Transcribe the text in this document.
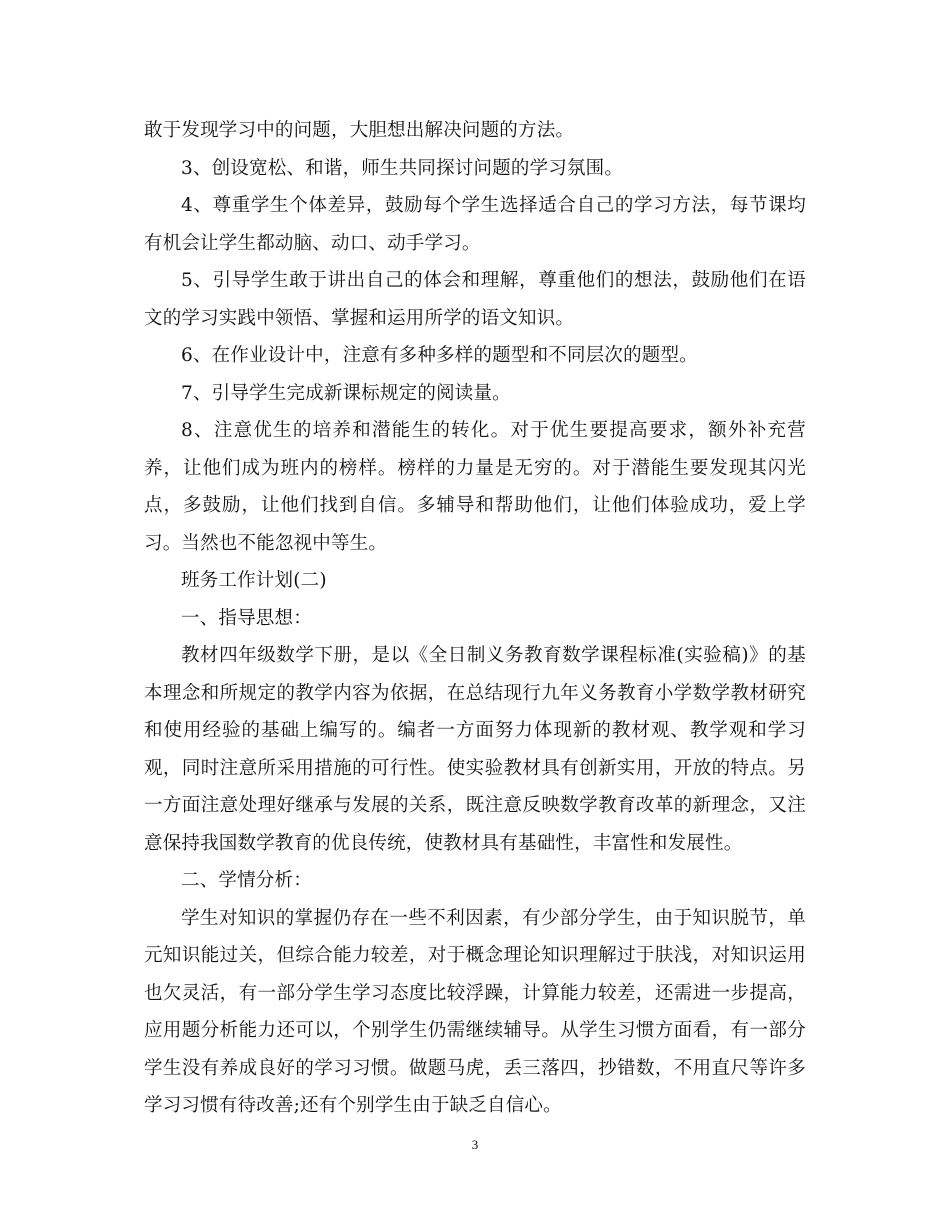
敢于发现学习中的问题，大胆想出解决问题的方法。

3、创设宽松、和谐，师生共同探讨问题的学习氛围。

4、尊重学生个体差异，鼓励每个学生选择适合自己的学习方法，每节课均有机会让学生都动脑、动口、动手学习。

5、引导学生敢于讲出自己的体会和理解，尊重他们的想法，鼓励他们在语文的学习实践中领悟、掌握和运用所学的语文知识。

6、在作业设计中，注意有多种多样的题型和不同层次的题型。

7、引导学生完成新课标规定的阅读量。

8、注意优生的培养和潜能生的转化。对于优生要提高要求，额外补充营养，让他们成为班内的榜样。榜样的力量是无穷的。对于潜能生要发现其闪光点，多鼓励，让他们找到自信。多辅导和帮助他们，让他们体验成功，爱上学习。当然也不能忽视中等生。

班务工作计划(二)

一、指导思想：

教材四年级数学下册，是以《全日制义务教育数学课程标准(实验稿)》的基本理念和所规定的教学内容为依据，在总结现行九年义务教育小学数学教材研究和使用经验的基础上编写的。编者一方面努力体现新的教材观、教学观和学习观，同时注意所采用措施的可行性。使实验教材具有创新实用，开放的特点。另一方面注意处理好继承与发展的关系，既注意反映数学教育改革的新理念，又注意保持我国数学教育的优良传统，使教材具有基础性，丰富性和发展性。

二、学情分析：

学生对知识的掌握仍存在一些不利因素，有少部分学生，由于知识脱节，单元知识能过关，但综合能力较差，对于概念理论知识理解过于肤浅，对知识运用也欠灵活，有一部分学生学习态度比较浮躁，计算能力较差，还需进一步提高，应用题分析能力还可以，个别学生仍需继续辅导。从学生习惯方面看，有一部分学生没有养成良好的学习习惯。做题马虎，丢三落四，抄错数，不用直尺等许多学习习惯有待改善;还有个别学生由于缺乏自信心。

3
